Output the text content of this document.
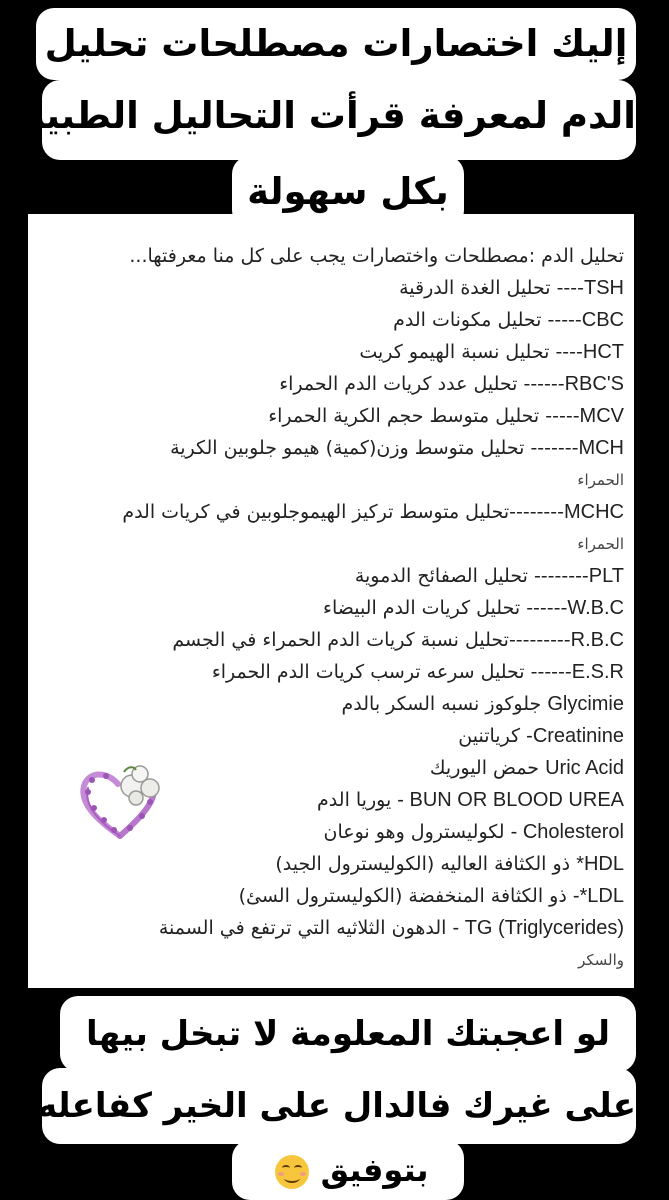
إليك اختصارات مصطلحات تحليل
الدم لمعرفة قرأت التحاليل الطبية
بكل سهولة
تحليل الدم :مصطلحات واختصارات يجب على كل منا معرفتها...
TSH---- تحليل الغدة الدرقية
CBC----- تحليل مكونات الدم
HCT---- تحليل نسبة الهيمو كريت
RBC'S------ تحليل عدد كريات الدم الحمراء
MCV----- تحليل متوسط حجم الكرية الحمراء
MCH------- تحليل متوسط وزن(كمية) هيمو جلوبين الكرية
الحمراء
MCHC--------تحليل متوسط تركيز الهيموجلوبين في كريات الدم
الحمراء
PLT-------- تحليل الصفائح الدموية
W.B.C------ تحليل كريات الدم البيضاء
R.B.C---------تحليل نسبة كريات الدم الحمراء في الجسم
E.S.R------ تحليل سرعه ترسب كريات الدم الحمراء
Glycimie جلوكوز نسبه السكر بالدم
Creatinine- كرياتنين
Uric Acid حمض اليوريك
BUN OR BLOOD UREA - يوريا الدم
Cholesterol - لكوليسترول وهو نوعان
HDL* ذو الكثافة العاليه (الكوليسترول الجيد)
LDL*- ذو الكثافة المنخفضة (الكوليسترول السئ)
TG (Triglycerides) - الدهون الثلاثيه التي ترتفع في السمنة
والسكر
لو اعجبتك المعلومة لا تبخل بيها
على غيرك فالدال على الخير كفاعله
بتوفيق
